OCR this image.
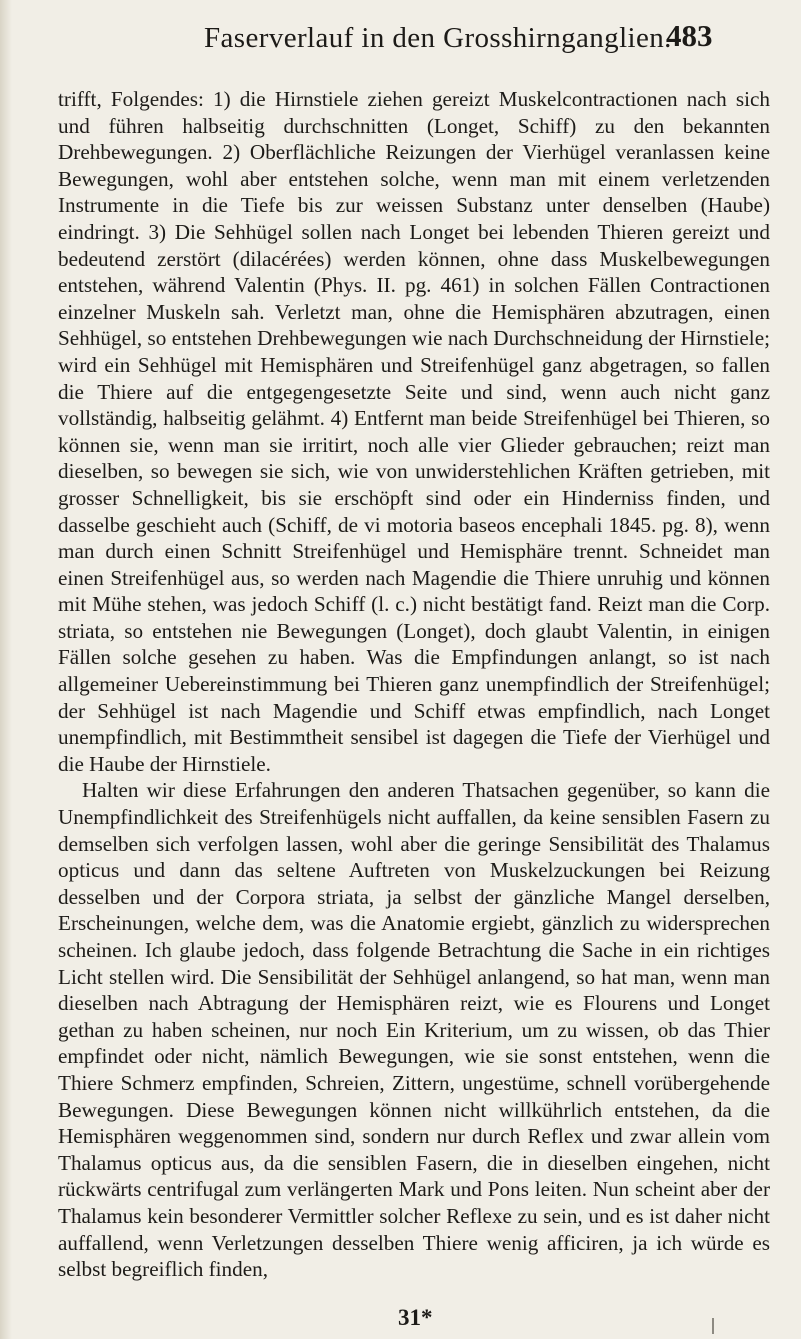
Faserverlauf in den Grosshirnganglien.
483

trifft, Folgendes: 1) die Hirnstiele ziehen gereizt Muskelcontractionen nach sich und führen halbseitig durchschnitten (Longet, Schiff) zu den bekannten Drehbewegungen. 2) Oberflächliche Reizungen der Vierhügel veranlassen keine Bewegungen, wohl aber entstehen solche, wenn man mit einem verletzenden Instrumente in die Tiefe bis zur weissen Substanz unter denselben (Haube) eindringt. 3) Die Sehhügel sollen nach Longet bei lebenden Thieren gereizt und bedeutend zerstört (dilacérées) werden können, ohne dass Muskelbewegungen entstehen, während Valentin (Phys. II. pg. 461) in solchen Fällen Contractionen einzelner Muskeln sah. Verletzt man, ohne die Hemisphären abzutragen, einen Sehhügel, so entstehen Drehbewegungen wie nach Durchschneidung der Hirnstiele; wird ein Sehhügel mit Hemisphären und Streifenhügel ganz abgetragen, so fallen die Thiere auf die entgegengesetzte Seite und sind, wenn auch nicht ganz vollständig, halbseitig gelähmt. 4) Entfernt man beide Streifenhügel bei Thieren, so können sie, wenn man sie irritirt, noch alle vier Glieder gebrauchen; reizt man dieselben, so bewegen sie sich, wie von unwiderstehlichen Kräften getrieben, mit grosser Schnelligkeit, bis sie erschöpft sind oder ein Hinderniss finden, und dasselbe geschieht auch (Schiff, de vi motoria baseos encephali 1845. pg. 8), wenn man durch einen Schnitt Streifenhügel und Hemisphäre trennt. Schneidet man einen Streifenhügel aus, so werden nach Magendie die Thiere unruhig und können mit Mühe stehen, was jedoch Schiff (l. c.) nicht bestätigt fand. Reizt man die Corp. striata, so entstehen nie Bewegungen (Longet), doch glaubt Valentin, in einigen Fällen solche gesehen zu haben. Was die Empfindungen anlangt, so ist nach allgemeiner Uebereinstimmung bei Thieren ganz unempfindlich der Streifenhügel; der Sehhügel ist nach Magendie und Schiff etwas empfindlich, nach Longet unempfindlich, mit Bestimmtheit sensibel ist dagegen die Tiefe der Vierhügel und die Haube der Hirnstiele.

Halten wir diese Erfahrungen den anderen Thatsachen gegenüber, so kann die Unempfindlichkeit des Streifenhügels nicht auffallen, da keine sensiblen Fasern zu demselben sich verfolgen lassen, wohl aber die geringe Sensibilität des Thalamus opticus und dann das seltene Auftreten von Muskelzuckungen bei Reizung desselben und der Corpora striata, ja selbst der gänzliche Mangel derselben, Erscheinungen, welche dem, was die Anatomie ergiebt, gänzlich zu widersprechen scheinen. Ich glaube jedoch, dass folgende Betrachtung die Sache in ein richtiges Licht stellen wird. Die Sensibilität der Sehhügel anlangend, so hat man, wenn man dieselben nach Abtragung der Hemisphären reizt, wie es Flourens und Longet gethan zu haben scheinen, nur noch Ein Kriterium, um zu wissen, ob das Thier empfindet oder nicht, nämlich Bewegungen, wie sie sonst entstehen, wenn die Thiere Schmerz empfinden, Schreien, Zittern, ungestüme, schnell vorübergehende Bewegungen. Diese Bewegungen können nicht willkührlich entstehen, da die Hemisphären weggenommen sind, sondern nur durch Reflex und zwar allein vom Thalamus opticus aus, da die sensiblen Fasern, die in dieselben eingehen, nicht rückwärts centrifugal zum verlängerten Mark und Pons leiten. Nun scheint aber der Thalamus kein besonderer Vermittler solcher Reflexe zu sein, und es ist daher nicht auffallend, wenn Verletzungen desselben Thiere wenig afficiren, ja ich würde es selbst begreiflich finden,

31*
